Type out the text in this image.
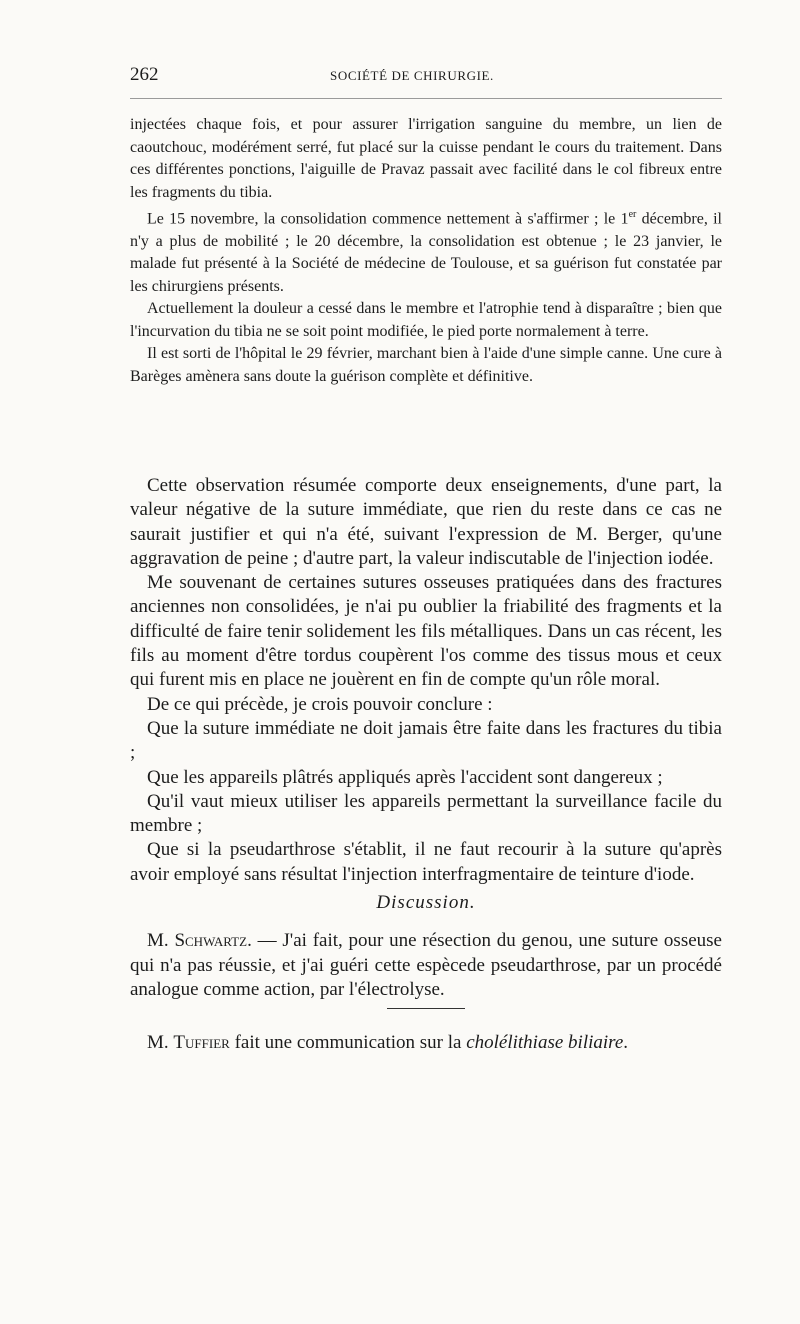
262	SOCIÉTÉ DE CHIRURGIE.

injectées chaque fois, et pour assurer l'irrigation sanguine du membre, un lien de caoutchouc, modérément serré, fut placé sur la cuisse pendant le cours du traitement. Dans ces différentes ponctions, l'aiguille de Pravaz passait avec facilité dans le col fibreux entre les fragments du tibia.

Le 15 novembre, la consolidation commence nettement à s'affirmer ; le 1er décembre, il n'y a plus de mobilité ; le 20 décembre, la consolidation est obtenue ; le 23 janvier, le malade fut présenté à la Société de médecine de Toulouse, et sa guérison fut constatée par les chirurgiens présents.

Actuellement la douleur a cessé dans le membre et l'atrophie tend à disparaître ; bien que l'incurvation du tibia ne se soit point modifiée, le pied porte normalement à terre.

Il est sorti de l'hôpital le 29 février, marchant bien à l'aide d'une simple canne. Une cure à Barèges amènera sans doute la guérison complète et définitive.

Cette observation résumée comporte deux enseignements, d'une part, la valeur négative de la suture immédiate, que rien du reste dans ce cas ne saurait justifier et qui n'a été, suivant l'expression de M. Berger, qu'une aggravation de peine ; d'autre part, la valeur indiscutable de l'injection iodée.

Me souvenant de certaines sutures osseuses pratiquées dans des fractures anciennes non consolidées, je n'ai pu oublier la friabilité des fragments et la difficulté de faire tenir solidement les fils métalliques. Dans un cas récent, les fils au moment d'être tordus coupèrent l'os comme des tissus mous et ceux qui furent mis en place ne jouèrent en fin de compte qu'un rôle moral.

De ce qui précède, je crois pouvoir conclure :

Que la suture immédiate ne doit jamais être faite dans les fractures du tibia ;

Que les appareils plâtrés appliqués après l'accident sont dangereux ;

Qu'il vaut mieux utiliser les appareils permettant la surveillance facile du membre ;

Que si la pseudarthrose s'établit, il ne faut recourir à la suture qu'après avoir employé sans résultat l'injection interfragmentaire de teinture d'iode.

Discussion.

M. Schwartz. — J'ai fait, pour une résection du genou, une suture osseuse qui n'a pas réussie, et j'ai guéri cette espècede pseudarthrose, par un procédé analogue comme action, par l'électrolyse.

M. Tuffier fait une communication sur la cholélithiase biliaire.
